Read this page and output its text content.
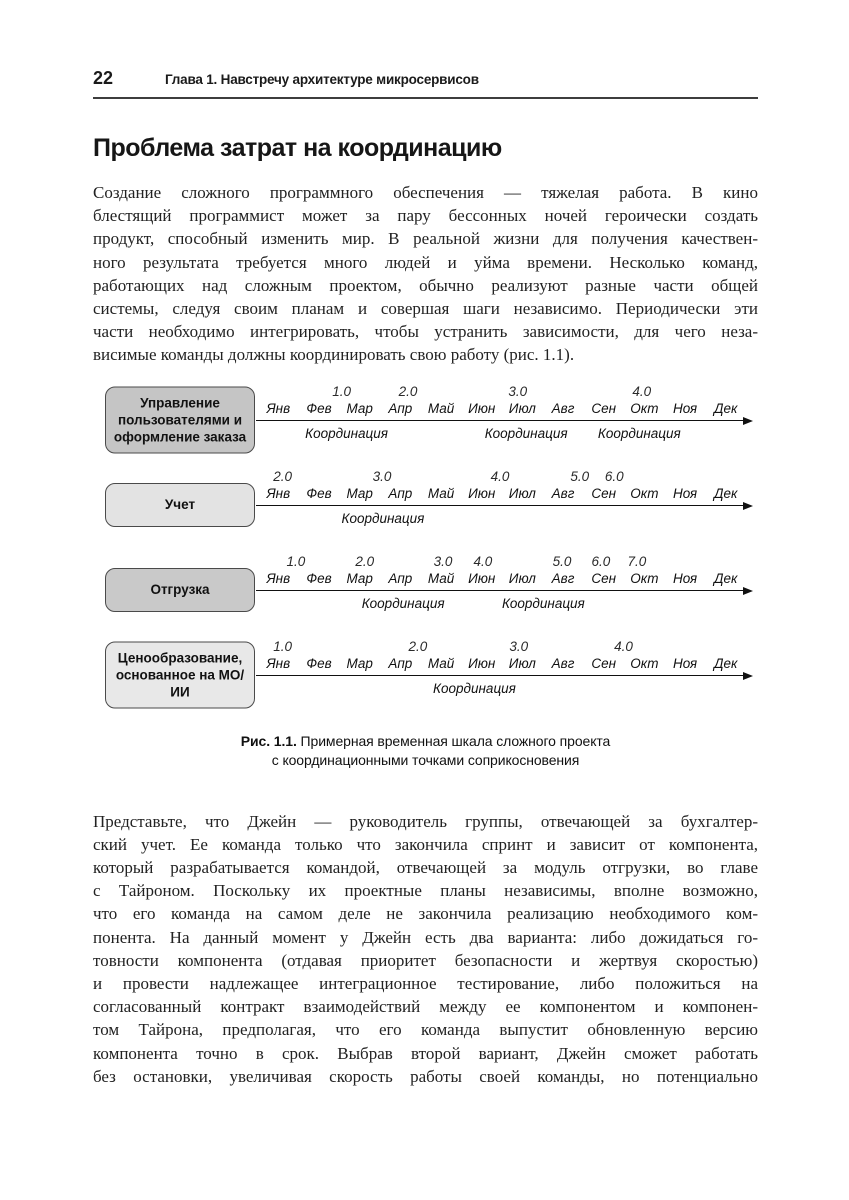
22	Глава 1. Навстречу архитектуре микросервисов
Проблема затрат на координацию
Создание сложного программного обеспечения — тяжелая работа. В кино
блестящий программист может за пару бессонных ночей героически создать
продукт, способный изменить мир. В реальной жизни для получения качествен-
ного результата требуется много людей и уйма времени. Несколько команд,
работающих над сложным проектом, обычно реализуют разные части общей
системы, следуя своим планам и совершая шаги независимо. Периодически эти
части необходимо интегрировать, чтобы устранить зависимости, для чего неза-
висимые команды должны координировать свою работу (рис. 1.1).
Управление пользователями и оформление заказа
Янв	Фев	Мар	Апр	Май	Июн Июл	Авг	Сен	Окт	Ноя	Дек
1.0	2.0	3.0	4.0
Координация	Координация Координация
Учет
Янв	Фев	Мар	Апр	Май	Июн Июл	Авг	Сен	Окт	Ноя	Дек
2.0	3.0	4.0	5.0 6.0
Координация
Отгрузка
Янв	Фев	Мар	Апр	Май	Июн Июл	Авг	Сен	Окт	Ноя	Дек
1.0	2.0	3.0 4.0	5.0 6.0 7.0
Координация	Координация
Ценообразование, основанное на МО/ИИ
Янв	Фев	Мар	Апр	Май	Июн Июл	Авг	Сен	Окт	Ноя	Дек
1.0	2.0	3.0	4.0
Координация
Рис. 1.1. Примерная временная шкала сложного проекта
с координационными точками соприкосновения
Представьте, что Джейн — руководитель группы, отвечающей за бухгалтер-
ский учет. Ее команда только что закончила спринт и зависит от компонента,
который разрабатывается командой, отвечающей за модуль отгрузки, во главе
с Тайроном. Поскольку их проектные планы независимы, вполне возможно,
что его команда на самом деле не закончила реализацию необходимого ком-
понента. На данный момент у Джейн есть два варианта: либо дожидаться го-
товности компонента (отдавая приоритет безопасности и жертвуя скоростью)
и провести надлежащее интеграционное тестирование, либо положиться на
согласованный контракт взаимодействий между ее компонентом и компонен-
том Тайрона, предполагая, что его команда выпустит обновленную версию
компонента точно в срок. Выбрав второй вариант, Джейн сможет работать
без остановки, увеличивая скорость работы своей команды, но потенциально
